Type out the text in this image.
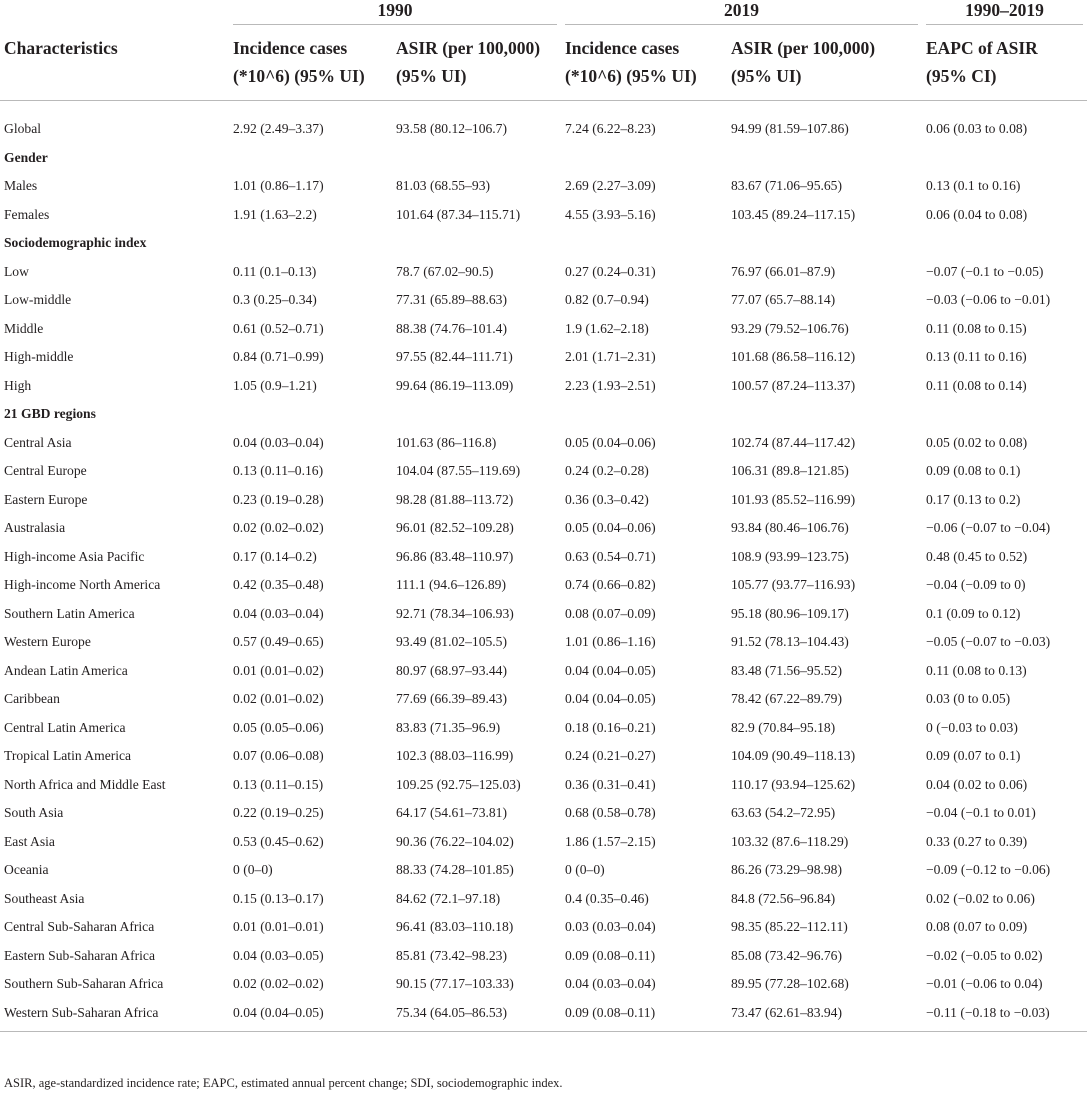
	1990		2019		1990–2019

Characteristics	Incidence cases (*10^6) (95% UI)	ASIR (per 100,000) (95% UI)	Incidence cases (*10^6) (95% UI)	ASIR (per 100,000) (95% UI)	EAPC of ASIR (95% CI)
Global	2.92 (2.49–3.37)	93.58 (80.12–106.7)	7.24 (6.22–8.23)	94.99 (81.59–107.86)	0.06 (0.03 to 0.08)
Gender					
Males	1.01 (0.86–1.17)	81.03 (68.55–93)	2.69 (2.27–3.09)	83.67 (71.06–95.65)	0.13 (0.1 to 0.16)
Females	1.91 (1.63–2.2)	101.64 (87.34–115.71)	4.55 (3.93–5.16)	103.45 (89.24–117.15)	0.06 (0.04 to 0.08)
Sociodemographic index					
Low	0.11 (0.1–0.13)	78.7 (67.02–90.5)	0.27 (0.24–0.31)	76.97 (66.01–87.9)	−0.07 (−0.1 to −0.05)
Low-middle	0.3 (0.25–0.34)	77.31 (65.89–88.63)	0.82 (0.7–0.94)	77.07 (65.7–88.14)	−0.03 (−0.06 to −0.01)
Middle	0.61 (0.52–0.71)	88.38 (74.76–101.4)	1.9 (1.62–2.18)	93.29 (79.52–106.76)	0.11 (0.08 to 0.15)
High-middle	0.84 (0.71–0.99)	97.55 (82.44–111.71)	2.01 (1.71–2.31)	101.68 (86.58–116.12)	0.13 (0.11 to 0.16)
High	1.05 (0.9–1.21)	99.64 (86.19–113.09)	2.23 (1.93–2.51)	100.57 (87.24–113.37)	0.11 (0.08 to 0.14)
21 GBD regions					
Central Asia	0.04 (0.03–0.04)	101.63 (86–116.8)	0.05 (0.04–0.06)	102.74 (87.44–117.42)	0.05 (0.02 to 0.08)
Central Europe	0.13 (0.11–0.16)	104.04 (87.55–119.69)	0.24 (0.2–0.28)	106.31 (89.8–121.85)	0.09 (0.08 to 0.1)
Eastern Europe	0.23 (0.19–0.28)	98.28 (81.88–113.72)	0.36 (0.3–0.42)	101.93 (85.52–116.99)	0.17 (0.13 to 0.2)
Australasia	0.02 (0.02–0.02)	96.01 (82.52–109.28)	0.05 (0.04–0.06)	93.84 (80.46–106.76)	−0.06 (−0.07 to −0.04)
High-income Asia Pacific	0.17 (0.14–0.2)	96.86 (83.48–110.97)	0.63 (0.54–0.71)	108.9 (93.99–123.75)	0.48 (0.45 to 0.52)
High-income North America	0.42 (0.35–0.48)	111.1 (94.6–126.89)	0.74 (0.66–0.82)	105.77 (93.77–116.93)	−0.04 (−0.09 to 0)
Southern Latin America	0.04 (0.03–0.04)	92.71 (78.34–106.93)	0.08 (0.07–0.09)	95.18 (80.96–109.17)	0.1 (0.09 to 0.12)
Western Europe	0.57 (0.49–0.65)	93.49 (81.02–105.5)	1.01 (0.86–1.16)	91.52 (78.13–104.43)	−0.05 (−0.07 to −0.03)
Andean Latin America	0.01 (0.01–0.02)	80.97 (68.97–93.44)	0.04 (0.04–0.05)	83.48 (71.56–95.52)	0.11 (0.08 to 0.13)
Caribbean	0.02 (0.01–0.02)	77.69 (66.39–89.43)	0.04 (0.04–0.05)	78.42 (67.22–89.79)	0.03 (0 to 0.05)
Central Latin America	0.05 (0.05–0.06)	83.83 (71.35–96.9)	0.18 (0.16–0.21)	82.9 (70.84–95.18)	0 (−0.03 to 0.03)
Tropical Latin America	0.07 (0.06–0.08)	102.3 (88.03–116.99)	0.24 (0.21–0.27)	104.09 (90.49–118.13)	0.09 (0.07 to 0.1)
North Africa and Middle East	0.13 (0.11–0.15)	109.25 (92.75–125.03)	0.36 (0.31–0.41)	110.17 (93.94–125.62)	0.04 (0.02 to 0.06)
South Asia	0.22 (0.19–0.25)	64.17 (54.61–73.81)	0.68 (0.58–0.78)	63.63 (54.2–72.95)	−0.04 (−0.1 to 0.01)
East Asia	0.53 (0.45–0.62)	90.36 (76.22–104.02)	1.86 (1.57–2.15)	103.32 (87.6–118.29)	0.33 (0.27 to 0.39)
Oceania	0 (0–0)	88.33 (74.28–101.85)	0 (0–0)	86.26 (73.29–98.98)	−0.09 (−0.12 to −0.06)
Southeast Asia	0.15 (0.13–0.17)	84.62 (72.1–97.18)	0.4 (0.35–0.46)	84.8 (72.56–96.84)	0.02 (−0.02 to 0.06)
Central Sub-Saharan Africa	0.01 (0.01–0.01)	96.41 (83.03–110.18)	0.03 (0.03–0.04)	98.35 (85.22–112.11)	0.08 (0.07 to 0.09)
Eastern Sub-Saharan Africa	0.04 (0.03–0.05)	85.81 (73.42–98.23)	0.09 (0.08–0.11)	85.08 (73.42–96.76)	−0.02 (−0.05 to 0.02)
Southern Sub-Saharan Africa	0.02 (0.02–0.02)	90.15 (77.17–103.33)	0.04 (0.03–0.04)	89.95 (77.28–102.68)	−0.01 (−0.06 to 0.04)
Western Sub-Saharan Africa	0.04 (0.04–0.05)	75.34 (64.05–86.53)	0.09 (0.08–0.11)	73.47 (62.61–83.94)	−0.11 (−0.18 to −0.03)
ASIR, age-standardized incidence rate; EAPC, estimated annual percent change; SDI, sociodemographic index.
